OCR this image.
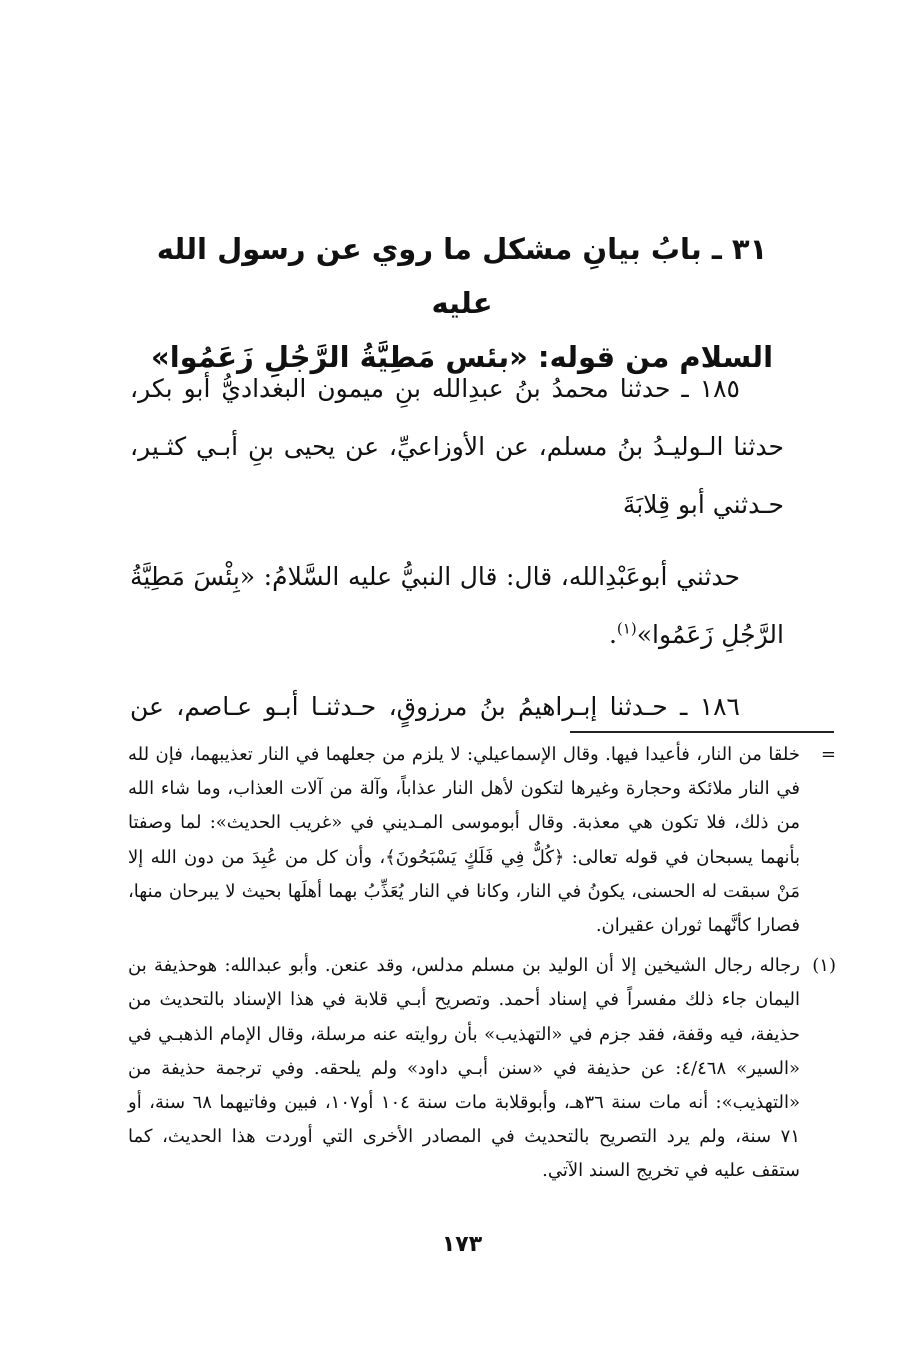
٣١ ـ بابُ بيانِ مشكل ما روي عن رسول الله عليه
السلام من قوله: «بئس مَطِيَّةُ الرَّجُلِ زَعَمُوا»

١٨٥ ـ حدثنا محمدُ بنُ عبدِالله بنِ ميمون البغداديُّ أبو بكر، حدثنا الـوليـدُ بنُ مسلم، عن الأوزاعيِّ، عن يحيى بنِ أبـي كثـير، حـدثني أبو قِلابَةَ

حدثني أبوعَبْدِالله، قال: قال النبيُّ عليه السَّلامُ: «بِئْسَ مَطِيَّةُ الرَّجُلِ زَعَمُوا»$^{(١)}$.

١٨٦ ـ حـدثنا إبـراهيمُ بنُ مرزوقٍ، حـدثنـا أبـو عـاصم، عن

=
خلقا من النار، فأعيدا فيها. وقال الإسماعيلي: لا يلزم من جعلهما في النار تعذيبهما، فإن لله في النار ملائكة وحجارة وغيرها لتكون لأهل النار عذاباً، وآلة من آلات العذاب، وما شاء الله من ذلك، فلا تكون هي معذبة. وقال أبوموسى المـديني في «غريب الحديث»: لما وصفتا بأنهما يسبحان في قوله تعالى: ﴿كُلٌّ فِي فَلَكٍ يَسْبَحُونَ﴾، وأن كل من عُبِدَ من دون الله إلا مَنْ سبقت له الحسنى، يكونُ في النار، وكانا في النار يُعَذِّبُ بهما أهلَها بحيث لا يبرحان منها، فصارا كأنَّهما ثوران عقيران.
(١)
رجاله رجال الشيخين إلا أن الوليد بن مسلم مدلس، وقد عنعن. وأبو عبدالله: هوحذيفة بن اليمان جاء ذلك مفسراً في إسناد أحمد. وتصريح أبـي قلابة في هذا الإسناد بالتحديث من حذيفة، فيه وقفة، فقد جزم في «التهذيب» بأن روايته عنه مرسلة، وقال الإمام الذهبـي في «السير» ٤/٤٦٨: عن حذيفة في «سنن أبـي داود» ولم يلحقه. وفي ترجمة حذيفة من «التهذيب»: أنه مات سنة ٣٦هـ، وأبوقلابة مات سنة ١٠٤ أو١٠٧، فبين وفاتيهما ٦٨ سنة، أو ٧١ سنة، ولم يرد التصريح بالتحديث في المصادر الأخرى التي أوردت هذا الحديث، كما ستقف عليه في تخريج السند الآتي.
١٧٣
